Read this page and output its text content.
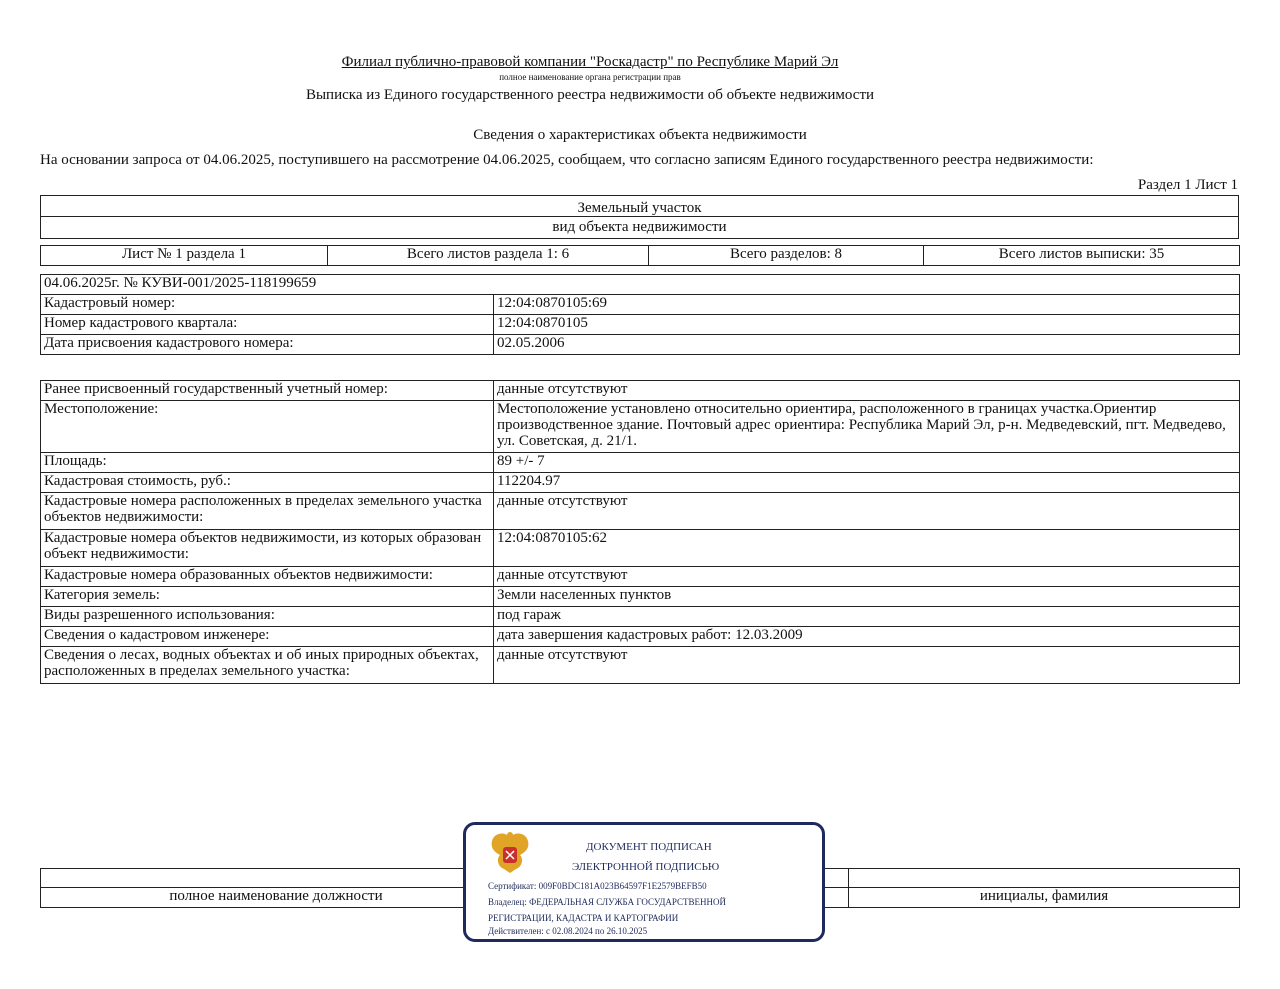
Филиал публично-правовой компании "Роскадастр" по Республике Марий Эл
полное наименование органа регистрации прав
Выписка из Единого государственного реестра недвижимости об объекте недвижимости
Сведения о характеристиках объекта недвижимости
На основании запроса от 04.06.2025, поступившего на рассмотрение 04.06.2025, сообщаем, что согласно записям Единого государственного реестра недвижимости:
Раздел 1 Лист 1
Земельный участок
вид объекта недвижимости
Лист № 1 раздела 1	Всего листов раздела 1: 6	Всего разделов: 8	Всего листов выписки: 35
04.06.2025г. № КУВИ-001/2025-118199659	
Кадастровый номер:	12:04:0870105:69
Номер кадастрового квартала:	12:04:0870105
Дата присвоения кадастрового номера:	02.05.2006
Ранее присвоенный государственный учетный номер:	данные отсутствуют
Местоположение:	Местоположение установлено относительно ориентира, расположенного в границах участка.Ориентир производственное здание. Почтовый адрес ориентира: Республика Марий Эл, р-н. Медведевский, пгт. Медведево, ул. Советская, д. 21/1.
Площадь:	89 +/- 7
Кадастровая стоимость, руб.:	112204.97
Кадастровые номера расположенных в пределах земельного участка объектов недвижимости:	данные отсутствуют
Кадастровые номера объектов недвижимости, из которых образован объект недвижимости:	12:04:0870105:62
Кадастровые номера образованных объектов недвижимости:	данные отсутствуют
Категория земель:	Земли населенных пунктов
Виды разрешенного использования:	под гараж
Сведения о кадастровом инженере:	дата завершения кадастровых работ: 12.03.2009
Сведения о лесах, водных объектах и об иных природных объектах, расположенных в пределах земельного участка:	данные отсутствуют

полное наименование должности		инициалы, фамилия
ДОКУМЕНТ ПОДПИСАН
ЭЛЕКТРОННОЙ ПОДПИСЬЮ
Сертификат: 009F0BDC181A023B64597F1E2579BEFB50
Владелец: ФЕДЕРАЛЬНАЯ СЛУЖБА ГОСУДАРСТВЕННОЙ
РЕГИСТРАЦИИ, КАДАСТРА И КАРТОГРАФИИ
Действителен: с 02.08.2024 по 26.10.2025
